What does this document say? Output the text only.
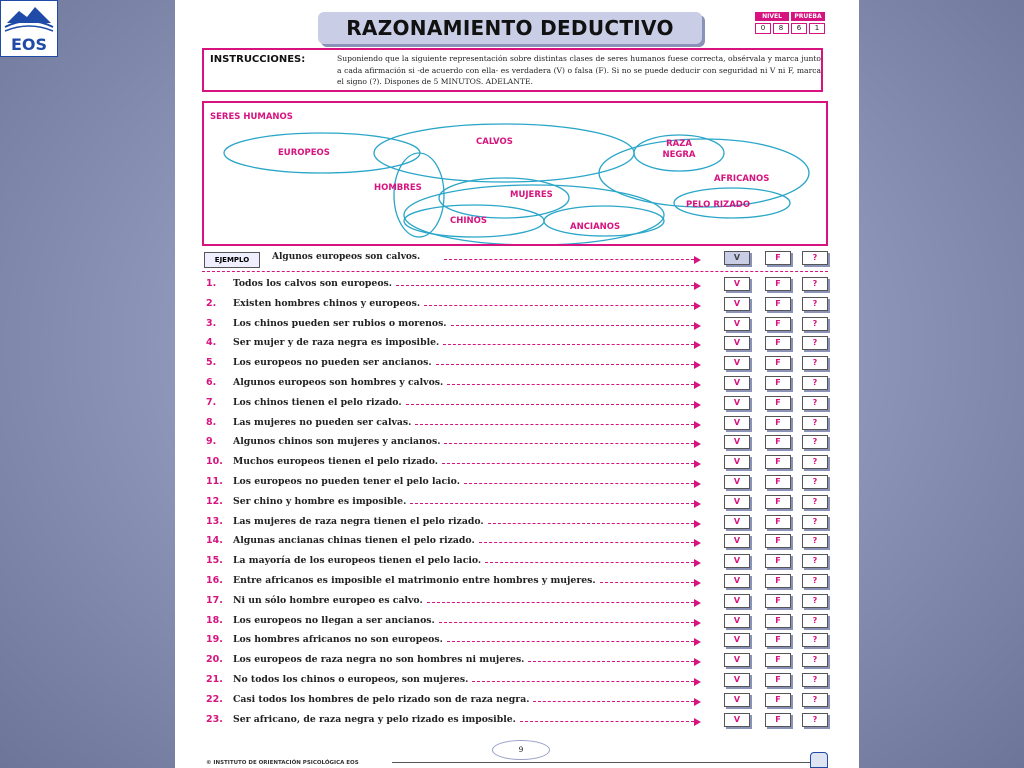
EOS
RAZONAMIENTO DEDUCTIVO	NIVEL	PRUEBA
0	8	6	1
INSTRUCCIONES:	Suponiendo que la siguiente representación sobre distintas clases de seres humanos fuese correcta, obsérvala y marca junto a cada afirmación si -de acuerdo con ella- es verdadera (V) o falsa (F). Si no se puede deducir con seguridad ni V ni F, marca el signo (?). Dispones de 5 MINUTOS. ADELANTE.
SERES HUMANOS
EUROPEOS
CALVOS	RAZA NEGRA
AFRICANOS
HOMBRES
MUJERES
CHINOS
ANCIANOS
PELO RIZADO
EJEMPLO	Algunos europeos son calvos.	V	F	?
1. Todos los calvos son europeos.	V	F	?
2. Existen hombres chinos y europeos.	V	F	?
3. Los chinos pueden ser rubios o morenos.	V	F	?
4. Ser mujer y de raza negra es imposible.	V	F	?
5. Los europeos no pueden ser ancianos.	V	F	?
6. Algunos europeos son hombres y calvos.	V	F	?
7. Los chinos tienen el pelo rizado.	V	F	?
8. Las mujeres no pueden ser calvas.	V	F	?
9. Algunos chinos son mujeres y ancianos.	V	F	?
10. Muchos europeos tienen el pelo rizado.	V	F	?
11. Los europeos no pueden tener el pelo lacio.	V	F	?
12. Ser chino y hombre es imposible.	V	F	?
13. Las mujeres de raza negra tienen el pelo rizado.	V	F	?
14. Algunas ancianas chinas tienen el pelo rizado.	V	F	?
15. La mayoría de los europeos tienen el pelo lacio.	V	F	?
16. Entre africanos es imposible el matrimonio entre hombres y mujeres.	V	F	?
17. Ni un sólo hombre europeo es calvo.	V	F	?
18. Los europeos no llegan a ser ancianos.	V	F	?
19. Los hombres africanos no son europeos.	V	F	?
20. Los europeos de raza negra no son hombres ni mujeres.	V	F	?
21. No todos los chinos o europeos, son mujeres.	V	F	?
22. Casi todos los hombres de pelo rizado son de raza negra.	V	F	?
23. Ser africano, de raza negra y pelo rizado es imposible.	V	F	?
© INSTITUTO DE ORIENTACIÓN PSICOLÓGICA EOS
9
